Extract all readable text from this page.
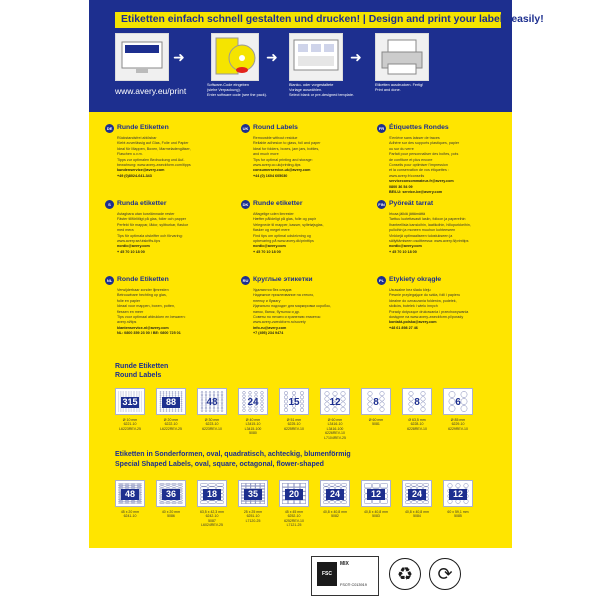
Etiketten einfach schnell gestalten und drucken! | Design and print your labels easily!
➜
Software-Code eingeben
(siehe Verpackung).
Enter software code (see the pack).
➜
Blanko- oder vorgestaltete
Vorlage auswählen.
Select blank or pre-designed template.
➜
Etiketten ausdrucken. Fertig!
Print and done.
www.avery.eu/print
DE Runde Etiketten
Rückstandsfrei ablösbar
Klebt zuverlässig auf Glas, Folie und Papier
Ideal für Mappen, Boxen, Marmeladengläser,
Flaschen u.v.m.
Tipps zur optimalen Bedruckung und Auf-
bewahrung: www.avery-zweckform.com/tipps
kundenservice@avery.com
+49 (0)8024-641-343
UK Round Labels
Removable without residue
Reliable adhesion to glass, foil and paper
Ideal for folders, boxes, jam jars, bottles,
and much more
Tips for optimal printing and storage:
www.avery.co.uk/printing-tips
consumerservice-uk@avery.com
+44 (0) 1604 605030
FR Étiquettes Rondes
S'enlève sans laisser de traces
Adhère sur des supports plastiques, papier
ou sur du verre
Parfait pour personnaliser des boîtes, pots
de confiture et plus encore
Conseils pour optimiser l'impression
et la conservation de vos étiquettes :
www.avery.fr/conseils
serviceconsommateur-fr@avery.com
0800 36 54 09
BE/LU: service-be@avery.com
S Runda etiketter
Avtagbara utan kvarlämnade rester
Fäster tillförlitligt på glas, folier och papper
Perfekt för mappar, lådor, syltburkar, flaskor
med mera
Tips för optimala utskrifter och förvaring:
www.avery.se/utskrifts-tips
nordic@avery.com
+ 45 70 10 18 00
DK Runde etiketter
Aftagelige uden limrester
Hæfter pålideligt på glas, folie og papir
Velegnede til mapper, kasser, syltetøjsglas,
flasker og meget mere
Find tips om optimal udskrivning og
opbevaring på www.avery.dk/printtips
nordic@avery.com
+ 45 70 10 18 00
FIN Pyöreät tarrat
Irtoaa jälkiä jättämättä
Tarttuu luotettavasti lasiin, folioon ja papereihin
Ihanteellisia kansioihin, laatikoihin, hillopurkkeihin,
pulloihin ja moneen muuhun kohteeseen
Vinkkejä optimaaliseen tulostukseen ja
säilyttämiseen osoitteessa: www.avery.fi/printtips
nordic@avery.com
+ 45 70 10 18 00
NL Ronde Etiketten
Verwijderbaar zonder lijmresten
Betrouwbare hechting op glas,
folie en papier
Ideaal voor mappen, boxen, potten,
flessen en meer
Tips voor optimaal afdrukken en bewaren:
avery.nl/tips
klantenservice-nl@avery.com
NL: 0800 359 23 00 / BE: 0800 725 01
RU Круглые этикетки
Удаляются без следов
Надежное приклеивание на стекло,
пленку и бумагу
Идеально подходят для маркировки коробок,
папок, банок, бутылок и др.
Советы по печати и хранению этикеток:
www.avery-zweckform.ru/sovety
info-ru@avery.com
+7 (495) 234 9474
PL Etykiety okrągłe
Usuwalne bez śladu kleju
Pewnie przylegające do szkła, folii i papieru
Idealne do oznaczania folderów, pudełek,
słoików, butelek i wielu innych
Porady dotyczące drukowania i przechowywania
dostępne na www.avery-zweckform.pl/porady
kontakt-polska@avery.com
+48 61 898 27 46
Runde Etiketten
Round Labels
315
Ø 10 mm
6221-10
L6223REV-25
88
Ø 20 mm
6222-10
L6222REV-25
48
Ø 30 mm
6223-10
6223REV-10
24
Ø 40 mm
L3415-10
L3415-100
5080
15
Ø 51 mm
6225-10
6225REV-10
12
Ø 60 mm
L3416-10
L3416-100
6226REV-10
L7104REV-25
8
Ø 60 mm
5081
8
Ø 63,5 mm
6228-10
6228REV-10
6
Ø 85 mm
6229-10
6229REV-10
Etiketten in Sonderformen, oval, quadratisch, achteckig, blumenförmig
Special Shaped Labels, oval, square, octagonal, flower-shaped
48
45 x 20 mm
6241-10
36
40 x 20 mm
5086
18
63,5 x 42,3 mm
6242-10
5087
L6024REV-25
35
25 x 25 mm
6251-10
L7120-25
20
45 x 45 mm
6252-10
6252REV-10
L7121-25
24
40,8 x 40,8 mm
5082
12
40,8 x 40,8 mm
5083
24
40,8 x 40,8 mm
5084
12
60 x 59,1 mm
5085
FSC
MIX
FSC® C013919
♻	⟳
